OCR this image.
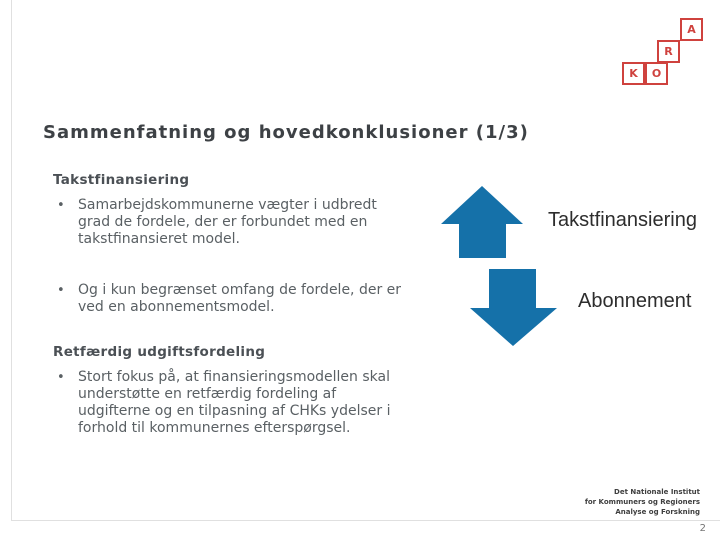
K O
R
A
Sammenfatning og hovedkonklusioner (1/3)
Takstfinansiering
• Samarbejdskommunerne vægter i udbredt
grad de fordele, der er forbundet med en
takstfinansieret model.
• Og i kun begrænset omfang de fordele, der er
ved en abonnementsmodel.
Retfærdig udgiftsfordeling
• Stort fokus på, at finansieringsmodellen skal
understøtte en retfærdig fordeling af
udgifterne og en tilpasning af CHKs ydelser i
forhold til kommunernes efterspørgsel.
Takstfinansiering
Abonnement
Det Nationale Institut
for Kommuners og Regioners
Analyse og Forskning
2
